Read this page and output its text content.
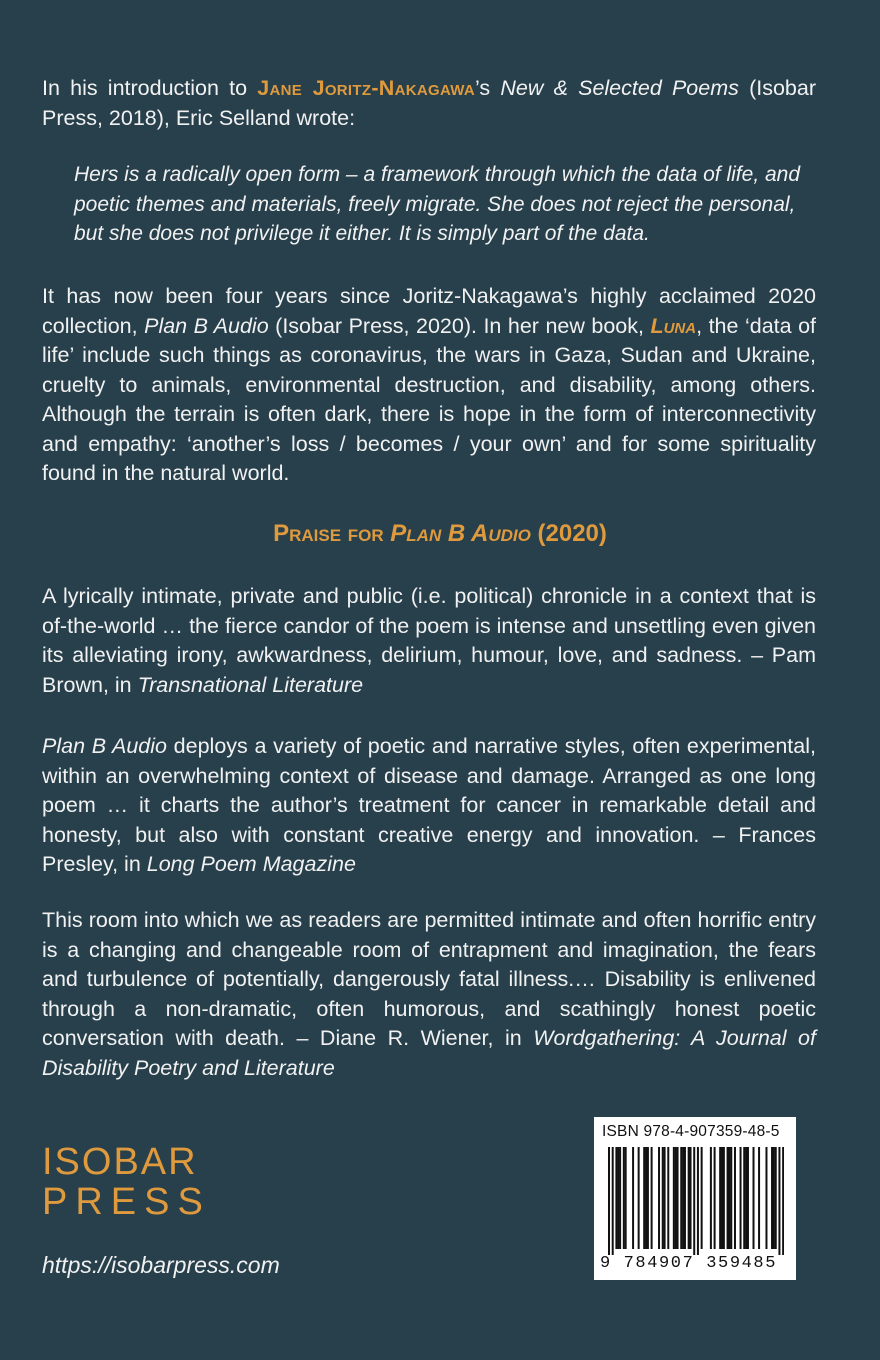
In his introduction to Jane Joritz-Nakagawa’s New & Selected Poems (Isobar Press, 2018), Eric Selland wrote:

Hers is a radically open form – a framework through which the data of life, and poetic themes and materials, freely migrate. She does not reject the personal, but she does not privilege it either. It is simply part of the data.

It has now been four years since Joritz-Nakagawa’s highly acclaimed 2020 collection, Plan B Audio (Isobar Press, 2020). In her new book, Luna, the ‘data of life’ include such things as coronavirus, the wars in Gaza, Sudan and Ukraine, cruelty to animals, environmental destruction, and disability, among others. Although the terrain is often dark, there is hope in the form of interconnectivity and empathy: ‘another’s loss / becomes / your own’ and for some spirituality found in the natural world.

Praise for Plan B Audio (2020)

A lyrically intimate, private and public (i.e. political) chronicle in a context that is of-the-world … the fierce candor of the poem is intense and unsettling even given its alleviating irony, awkwardness, delirium, humour, love, and sadness. – Pam Brown, in Transnational Literature

Plan B Audio deploys a variety of poetic and narrative styles, often experimental, within an overwhelming context of disease and damage. Arranged as one long poem … it charts the author’s treatment for cancer in remarkable detail and honesty, but also with constant creative energy and innovation. – Frances Presley, in Long Poem Magazine

This room into which we as readers are permitted intimate and often horrific entry is a changing and changeable room of entrapment and imagination, the fears and turbulence of potentially, dangerously fatal illness.… Disability is enlivened through a non-dramatic, often humorous, and scathingly honest poetic conversation with death. – Diane R. Wiener, in Wordgathering: A Journal of Disability Poetry and Literature

ISOBAR
PRESS
https://isobarpress.com
ISBN 978-4-907359-48-5
9 784907 359485
